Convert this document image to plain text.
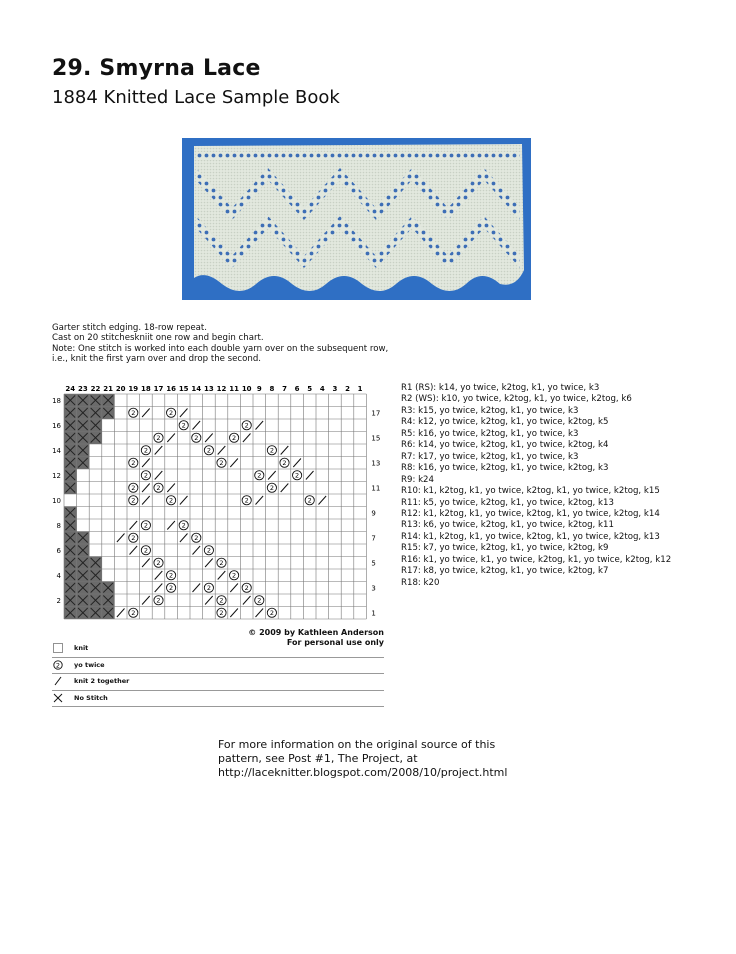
29. Smyrna Lace
1884 Knitted Lace Sample Book
Garter stitch edging. 18-row repeat.
Cast on 20 stitcheskniit one row and begin chart.
Note: One stitch is worked into each double yarn over on the subsequent row,
i.e., knit the first yarn over and drop the second.
24 23 22 21 20 19 18 17 16 15 14 13 12 11 10 9 8 7 6 5 4 3 2 1
18
16
14
12
10
8
6
4
2
17
15
13
11
9
7
5
3
1
2
2
2
2
2
2
2
2
2
2
2
2
2
2
2
2
2
2
2
2
2
2
2
2
2
2
2
2
2
2
2
2
2
2
2
2
2
2
2
2
2
2
© 2009 by Kathleen Anderson
For personal use only
knit
2 yo twice
knit 2 together
No Stitch
R1 (RS): k14, yo twice, k2tog, k1, yo twice, k3
R2 (WS): k10, yo twice, k2tog, k1, yo twice, k2tog, k6
R3: k15, yo twice, k2tog, k1, yo twice, k3
R4: k12, yo twice, k2tog, k1, yo twice, k2tog, k5
R5: k16, yo twice, k2tog, k1, yo twice, k3
R6: k14, yo twice, k2tog, k1, yo twice, k2tog, k4
R7: k17, yo twice, k2tog, k1, yo twice, k3
R8: k16, yo twice, k2tog, k1, yo twice, k2tog, k3
R9: k24
R10: k1, k2tog, k1, yo twice, k2tog, k1, yo twice, k2tog, k15
R11: k5, yo twice, k2tog, k1, yo twice, k2tog, k13
R12: k1, k2tog, k1, yo twice, k2tog, k1, yo twice, k2tog, k14
R13: k6, yo twice, k2tog, k1, yo twice, k2tog, k11
R14: k1, k2tog, k1, yo twice, k2tog, k1, yo twice, k2tog, k13
R15: k7, yo twice, k2tog, k1, yo twice, k2tog, k9
R16: k1, yo twice, k1, yo twice, k2tog, k1, yo twice, k2tog, k12
R17: k8, yo twice, k2tog, k1, yo twice, k2tog, k7
R18: k20
For more information on the original source of this
pattern, see Post #1, The Project, at
http://laceknitter.blogspot.com/2008/10/project.html
